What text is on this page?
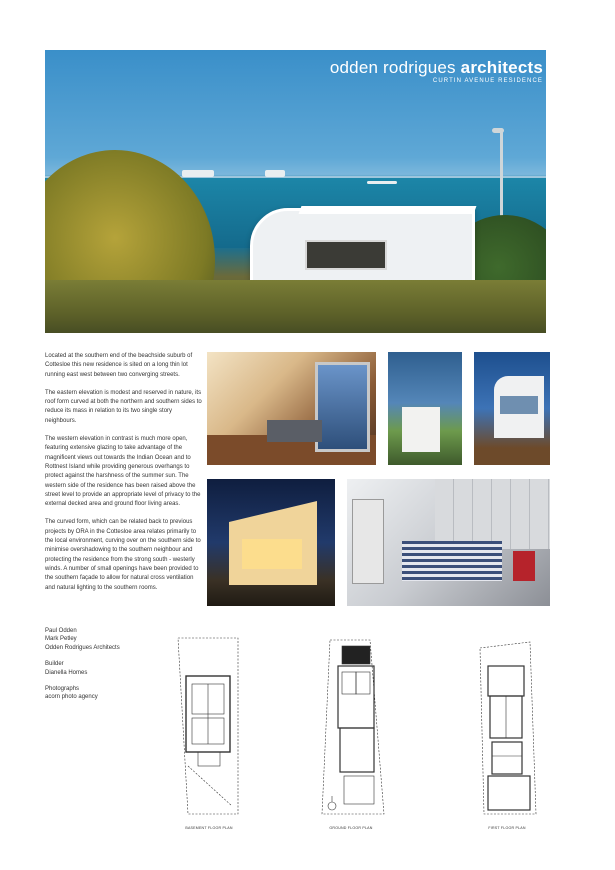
odden rodrigues architects
CURTIN AVENUE RESIDENCE

Located at the southern end of the beachside suburb of Cottesloe this new residence is sited on a long thin lot running east west between two converging streets.

The eastern elevation is modest and reserved in nature, its roof form curved at both the northern and southern sides to reduce its mass in relation to its two single story neighbours.

The western elevation in contrast is much more open, featuring extensive glazing to take advantage of the magnificent views out towards the Indian Ocean and to Rottnest Island while providing generous overhangs to protect against the harshness of the summer sun. The western side of the residence has been raised above the street level to provide an appropriate level of privacy to the external decked area and ground floor living areas.

The curved form, which can be related back to previous projects by ORA in the Cottesloe area relates primarily to the local environment, curving over on the southern side to minimise overshadowing to the southern neighbour and protecting the residence from the strong south - westerly winds. A number of small openings have been provided to the southern façade to allow for natural cross ventilation and natural lighting to the southern rooms.

Paul Odden
Mark Petley
Odden Rodrigues Architects
Builder
Dianella Homes
Photographs
acorn photo agency
BASEMENT FLOOR PLAN	GROUND FLOOR PLAN	FIRST FLOOR PLAN
